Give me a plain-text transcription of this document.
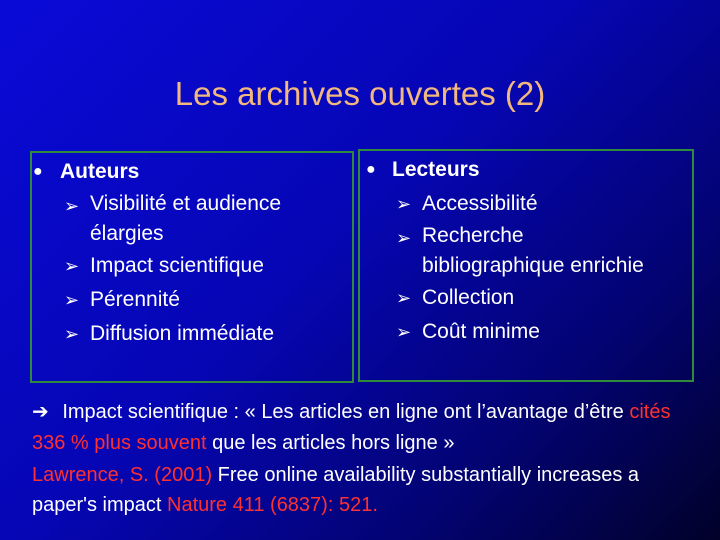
Les archives ouvertes (2)
● Auteurs
➢ Visibilité et audience
élargies
➢ Impact scientifique
➢ Pérennité
➢ Diffusion immédiate
● Lecteurs
➢ Accessibilité
➢ Recherche
bibliographique enrichie
➢ Collection
➢ Coût minime
➔ Impact scientifique : « Les articles en ligne ont l’avantage d’être cités 336 % plus souvent que les articles hors ligne »
Lawrence, S. (2001) Free online availability substantially increases a paper's impact Nature 411 (6837): 521.
